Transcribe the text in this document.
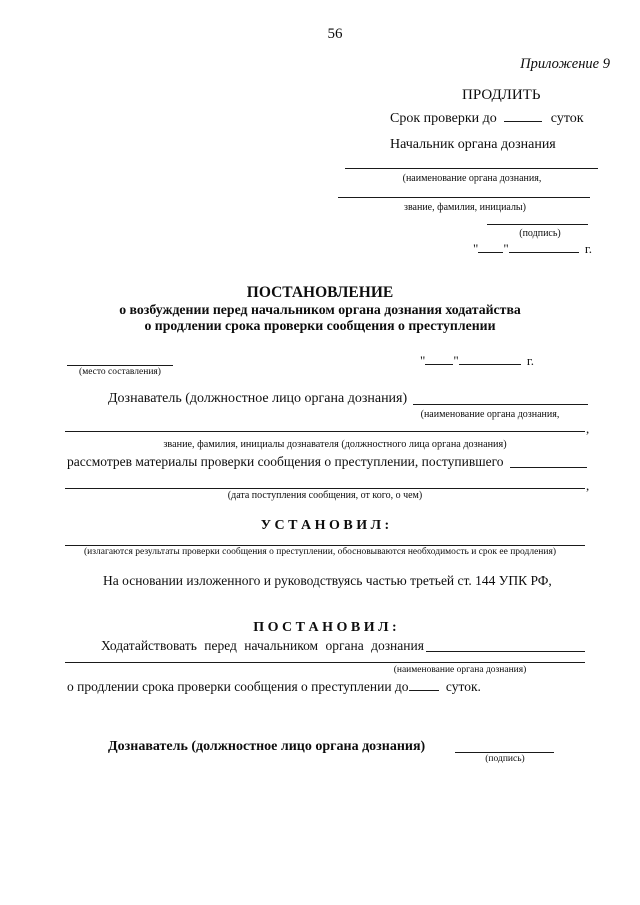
56
Приложение 9
ПРОДЛИТЬ
Срок проверки до	суток
Начальник органа дознания
(наименование органа дознания,
звание, фамилия, инициалы)
(подпись)
" "	г.
ПОСТАНОВЛЕНИЕ
о возбуждении перед начальником органа дознания ходатайства
о продлении срока проверки сообщения о преступлении
(место составления)
" "	г.
Дознаватель (должностное лицо органа дознания)
(наименование органа дознания,
,
звание, фамилия, инициалы дознавателя (должностного лица органа дознания)
рассмотрев материалы проверки сообщения о преступлении, поступившего
,
(дата поступления сообщения, от кого, о чем)
У С Т А Н О В И Л :
(излагаются результаты проверки сообщения о преступлении, обосновываются необходимость и срок ее продления)
На основании изложенного и руководствуясь частью третьей ст. 144 УПК РФ,
П О С Т А Н О В И Л :
Ходатайствовать перед начальником органа дознания
(наименование органа дознания)
о продлении срока проверки сообщения о преступлении до	суток.
Дознаватель (должностное лицо органа дознания)
(подпись)
